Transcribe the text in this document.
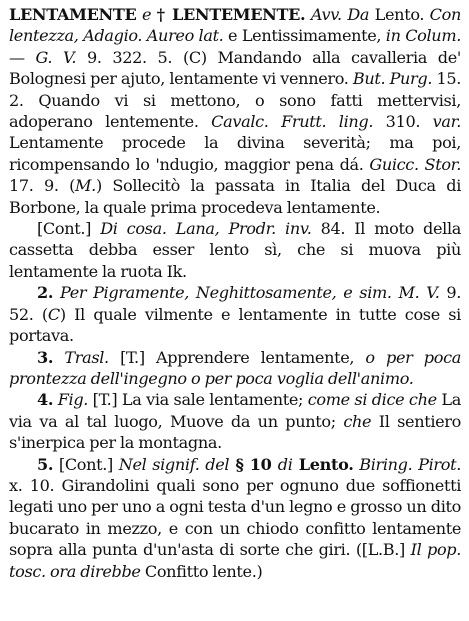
LENTAMENTE e † LENTEMENTE. Avv. Da Lento. Con lentezza, Adagio. Aureo lat. e Lentissimamente, in Colum. — G. V. 9. 322. 5. (C) Mandando alla cavalleria de' Bolognesi per ajuto, lentamente vi vennero. But. Purg. 15. 2. Quando vi si mettono, o sono fatti mettervisi, adoperano lentemente. Cavalc. Frutt. ling. 310. var. Lentamente procede la divina severità; ma poi, ricompensando lo 'ndugio, maggior pena dá. Guicc. Stor. 17. 9. (M.) Sollecitò la passata in Italia del Duca di Borbone, la quale prima procedeva lentamente.

[Cont.] Di cosa. Lana, Prodr. inv. 84. Il moto della cassetta debba esser lento sì, che si muova più lentamente la ruota Ik.

2. Per Pigramente, Neghittosamente, e sim. M. V. 9. 52. (C) Il quale vilmente e lentamente in tutte cose si portava.

3. Trasl. [T.] Apprendere lentamente, o per poca prontezza dell'ingegno o per poca voglia dell'animo.

4. Fig. [T.] La via sale lentamente; come si dice che La via va al tal luogo, Muove da un punto; che Il sentiero s'inerpica per la montagna.

5. [Cont.] Nel signif. del § 10 di Lento. Biring. Pirot. x. 10. Girandolini quali sono per ognuno due soffionetti legati uno per uno a ogni testa d'un legno e grosso un dito bucarato in mezzo, e con un chiodo confitto lentamente sopra alla punta d'un'asta di sorte che giri. ([L.B.] Il pop. tosc. ora direbbe Confitto lente.)
